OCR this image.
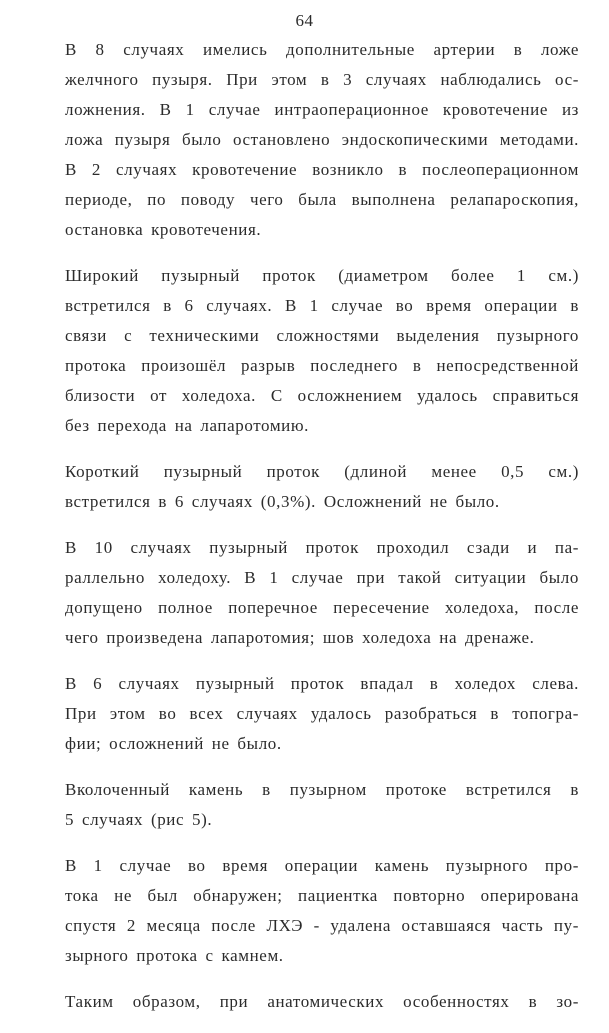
64
В 8 случаях имелись дополнительные артерии в ложе
желчного пузыря. При этом в 3 случаях наблюдались ос-
ложнения. В 1 случае интраоперационное кровотечение из
ложа пузыря было остановлено эндоскопическими методами.
В 2 случаях кровотечение возникло в послеоперационном
периоде, по поводу чего была выполнена релапароскопия,
остановка кровотечения.
Широкий пузырный проток (диаметром более 1 см.)
встретился в 6 случаях. В 1 случае во время операции в
связи с техническими сложностями выделения пузырного
протока произошёл разрыв последнего в непосредственной
близости от холедоха. С осложнением удалось справиться
без перехода на лапаротомию.
Короткий пузырный проток (длиной менее 0,5 см.)
встретился в 6 случаях (0,3%). Осложнений не было.
В 10 случаях пузырный проток проходил сзади и па-
раллельно холедоху. В 1 случае при такой ситуации было
допущено полное поперечное пересечение холедоха, после
чего произведена лапаротомия; шов холедоха на дренаже.
В 6 случаях пузырный проток впадал в холедох слева.
При этом во всех случаях удалось разобраться в топогра-
фии; осложнений не было.
Вколоченный камень в пузырном протоке встретился в
5 случаях (рис 5).
В 1 случае во время операции камень пузырного про-
тока не был обнаружен; пациентка повторно оперирована
спустя 2 месяца после ЛХЭ - удалена оставшаяся часть пу-
зырного протока с камнем.
Таким образом, при анатомических особенностях в зо-
